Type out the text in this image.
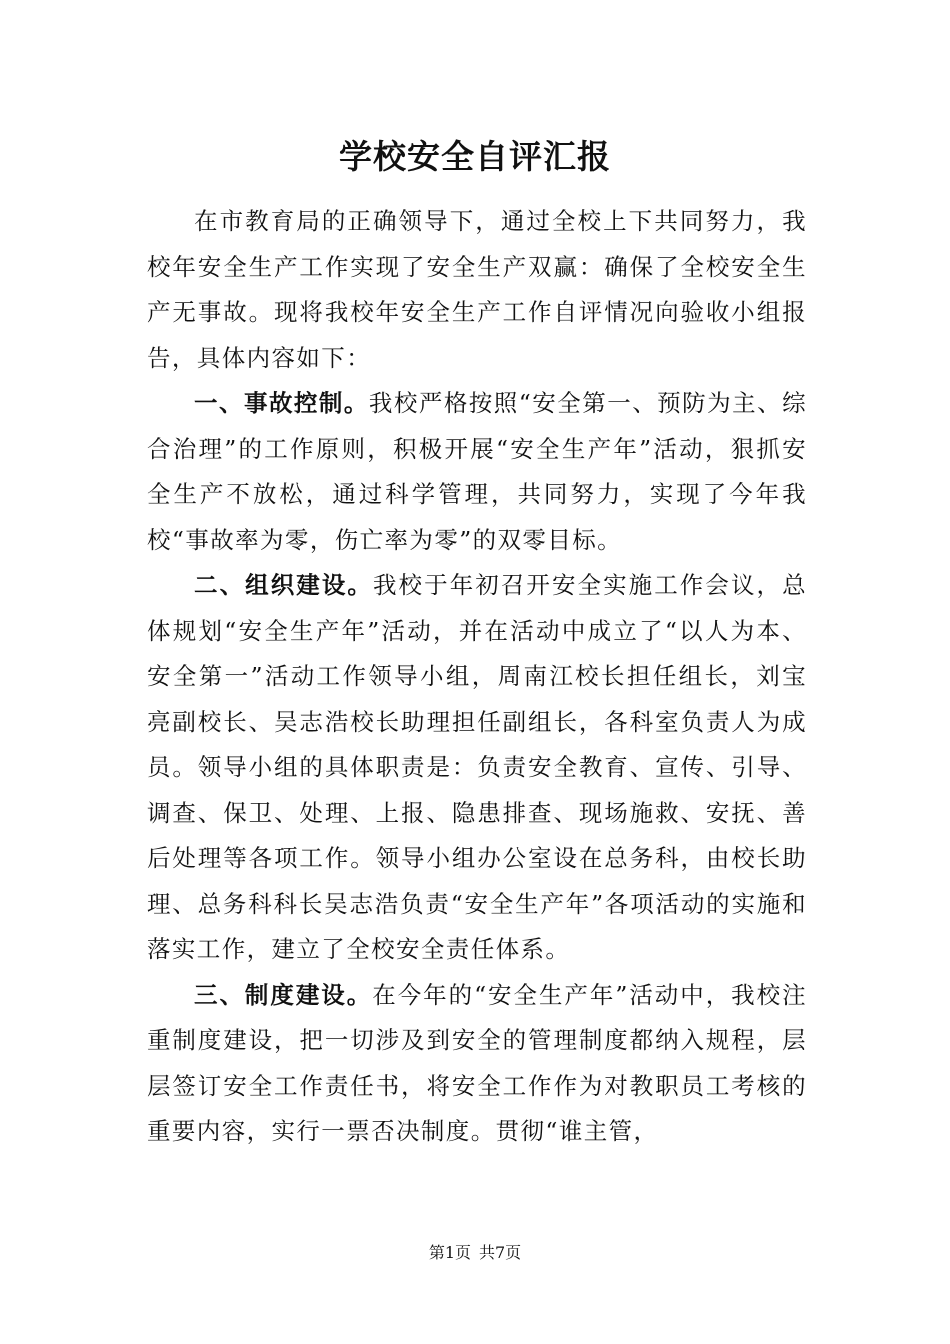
学校安全自评汇报

在市教育局的正确领导下，通过全校上下共同努力，我校年安全生产工作实现了安全生产双赢：确保了全校安全生产无事故。现将我校年安全生产工作自评情况向验收小组报告，具体内容如下：

一、事故控制。我校严格按照“安全第一、预防为主、综合治理”的工作原则，积极开展“安全生产年”活动，狠抓安全生产不放松，通过科学管理，共同努力，实现了今年我校“事故率为零，伤亡率为零”的双零目标。

二、组织建设。我校于年初召开安全实施工作会议，总体规划“安全生产年”活动，并在活动中成立了“以人为本、安全第一”活动工作领导小组，周南江校长担任组长，刘宝亮副校长、吴志浩校长助理担任副组长，各科室负责人为成员。领导小组的具体职责是：负责安全教育、宣传、引导、调查、保卫、处理、上报、隐患排查、现场施救、安抚、善后处理等各项工作。领导小组办公室设在总务科，由校长助理、总务科科长吴志浩负责“安全生产年”各项活动的实施和落实工作，建立了全校安全责任体系。

三、制度建设。在今年的“安全生产年”活动中，我校注重制度建设，把一切涉及到安全的管理制度都纳入规程，层层签订安全工作责任书，将安全工作作为对教职员工考核的重要内容，实行一票否决制度。贯彻“谁主管，

第1页 共7页
